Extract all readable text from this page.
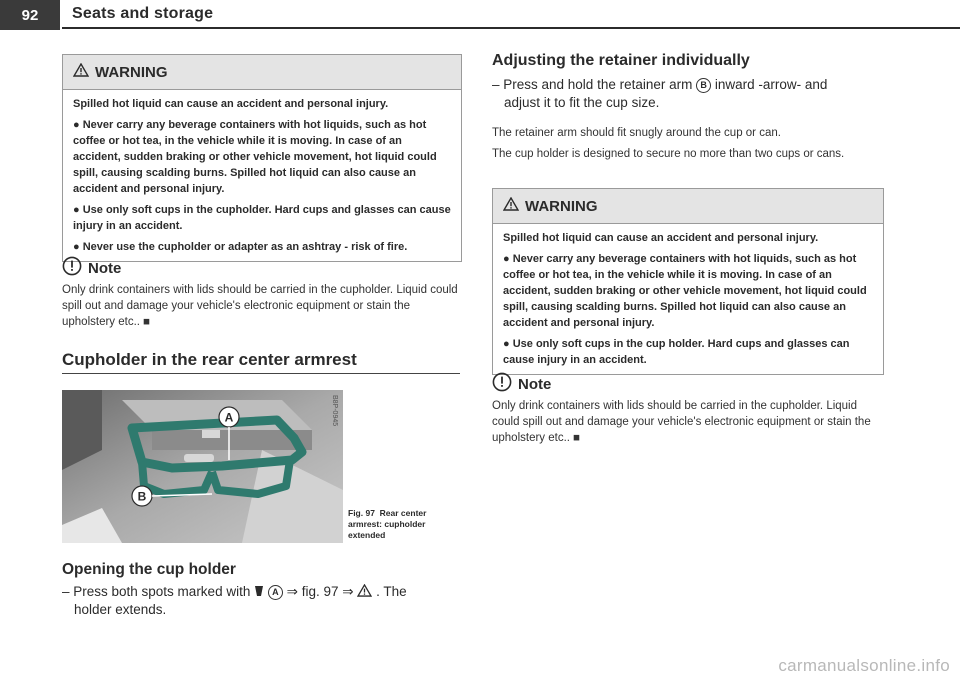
92	Seats and storage
WARNING

Spilled hot liquid can cause an accident and personal injury.

● Never carry any beverage containers with hot liquids, such as hot coffee or hot tea, in the vehicle while it is moving. In case of an accident, sudden braking or other vehicle movement, hot liquid could spill, causing scalding burns. Spilled hot liquid can also cause an accident and personal injury.

● Use only soft cups in the cupholder. Hard cups and glasses can cause injury in an accident.

● Never use the cupholder or adapter as an ashtray - risk of fire.

Note
Only drink containers with lids should be carried in the cupholder. Liquid could spill out and damage your vehicle's electronic equipment or stain the upholstery etc.. ■
Cupholder in the rear center armrest
A
B
B8P-0945
Fig. 97 Rear center armrest: cupholder extended
Opening the cup holder
– Press both spots marked with A ⇒ fig. 97 ⇒ . The
holder extends.
Adjusting the retainer individually
– Press and hold the retainer arm B inward -arrow- and
adjust it to fit the cup size.
The retainer arm should fit snugly around the cup or can.
The cup holder is designed to secure no more than two cups or cans.
WARNING

Spilled hot liquid can cause an accident and personal injury.

● Never carry any beverage containers with hot liquids, such as hot coffee or hot tea, in the vehicle while it is moving. In case of an accident, sudden braking or other vehicle movement, hot liquid could spill, causing scalding burns. Spilled hot liquid can also cause an accident and personal injury.

● Use only soft cups in the cup holder. Hard cups and glasses can cause injury in an accident.

Note
Only drink containers with lids should be carried in the cupholder. Liquid could spill out and damage your vehicle's electronic equipment or stain the upholstery etc.. ■
carmanualsonline.info
